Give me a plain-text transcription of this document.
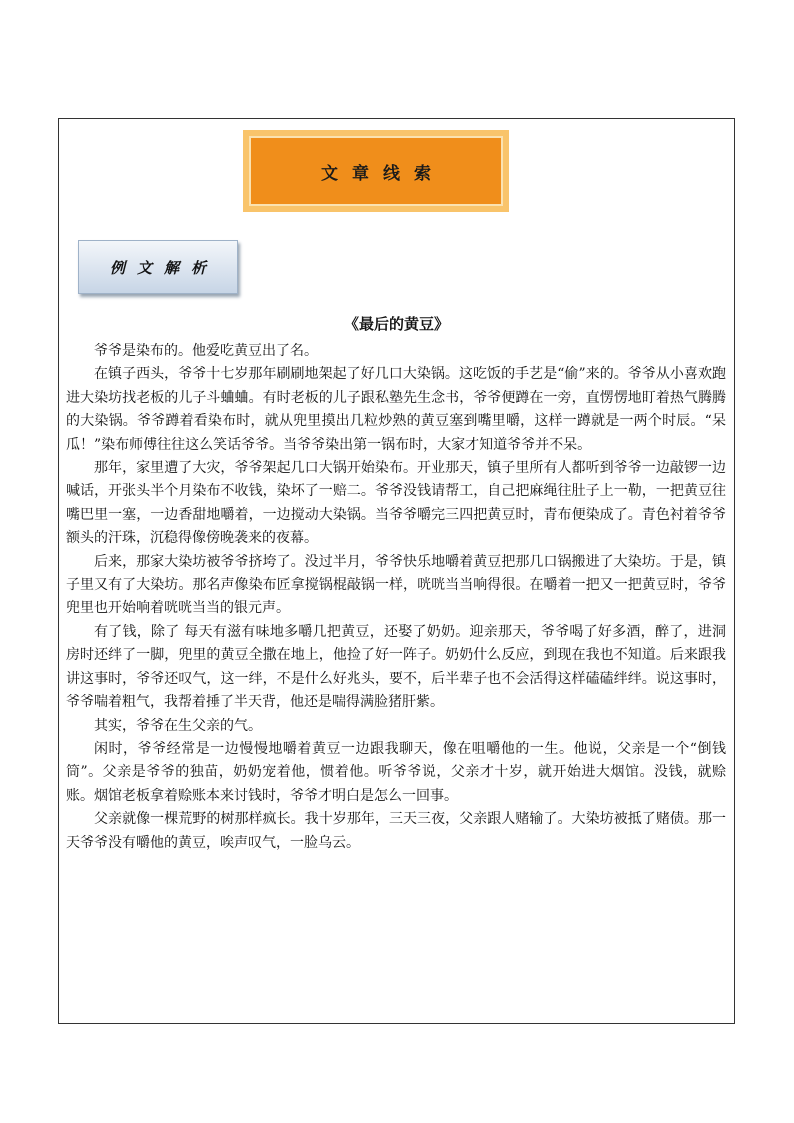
文章线索
例文解析
《最后的黄豆》

爷爷是染布的。他爱吃黄豆出了名。

在镇子西头，爷爷十七岁那年刷刷地架起了好几口大染锅。这吃饭的手艺是“偷”来的。爷爷从小喜欢跑进大染坊找老板的儿子斗蛐蛐。有时老板的儿子跟私塾先生念书，爷爷便蹲在一旁，直愣愣地盯着热气腾腾的大染锅。爷爷蹲着看染布时，就从兜里摸出几粒炒熟的黄豆塞到嘴里嚼，这样一蹲就是一两个时辰。“呆瓜！”染布师傅往往这么笑话爷爷。当爷爷染出第一锅布时，大家才知道爷爷并不呆。

那年，家里遭了大灾，爷爷架起几口大锅开始染布。开业那天，镇子里所有人都听到爷爷一边敲锣一边喊话，开张头半个月染布不收钱，染坏了一赔二。爷爷没钱请帮工，自己把麻绳往肚子上一勒，一把黄豆往嘴巴里一塞，一边香甜地嚼着，一边搅动大染锅。当爷爷嚼完三四把黄豆时，青布便染成了。青色衬着爷爷额头的汗珠，沉稳得像傍晚袭来的夜幕。

后来，那家大染坊被爷爷挤垮了。没过半月，爷爷快乐地嚼着黄豆把那几口锅搬进了大染坊。于是，镇子里又有了大染坊。那名声像染布匠拿搅锅棍敲锅一样，咣咣当当响得很。在嚼着一把又一把黄豆时，爷爷兜里也开始响着咣咣当当的银元声。

有了钱，除了 每天有滋有味地多嚼几把黄豆，还娶了奶奶。迎亲那天，爷爷喝了好多酒，醉了，进洞房时还绊了一脚，兜里的黄豆全撒在地上，他捡了好一阵子。奶奶什么反应，到现在我也不知道。后来跟我讲这事时，爷爷还叹气，这一绊，不是什么好兆头，要不，后半辈子也不会活得这样磕磕绊绊。说这事时，爷爷喘着粗气，我帮着捶了半天背，他还是喘得满脸猪肝紫。

其实，爷爷在生父亲的气。

闲时，爷爷经常是一边慢慢地嚼着黄豆一边跟我聊天，像在咀嚼他的一生。他说，父亲是一个“倒钱筒”。父亲是爷爷的独苗，奶奶宠着他，惯着他。听爷爷说，父亲才十岁，就开始进大烟馆。没钱，就赊账。烟馆老板拿着赊账本来讨钱时，爷爷才明白是怎么一回事。

父亲就像一棵荒野的树那样疯长。我十岁那年，三天三夜，父亲跟人赌输了。大染坊被抵了赌债。那一天爷爷没有嚼他的黄豆，唉声叹气，一脸乌云。
